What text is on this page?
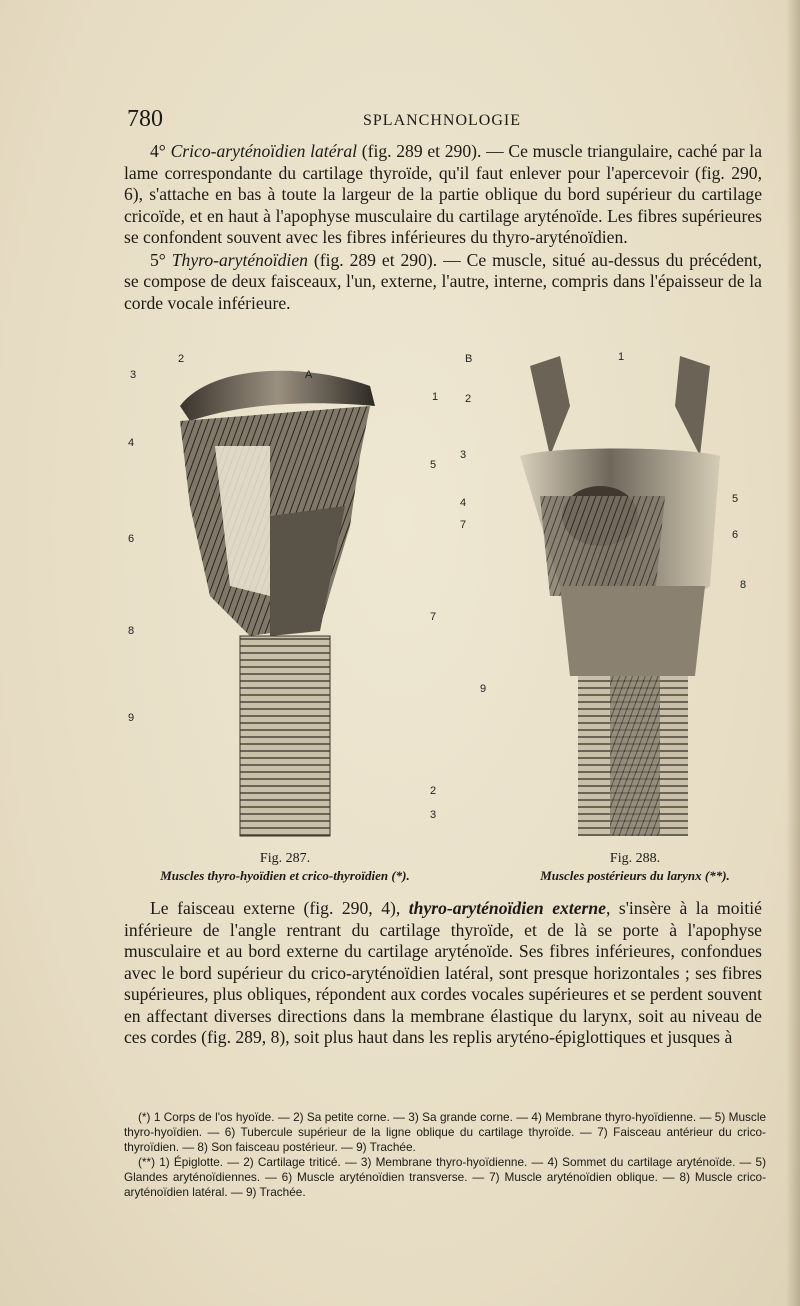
780	SPLANCHNOLOGIE

4° Crico-aryténoïdien latéral (fig. 289 et 290). — Ce muscle triangulaire, caché par la lame correspondante du cartilage thyroïde, qu'il faut enlever pour l'apercevoir (fig. 290, 6), s'attache en bas à toute la largeur de la partie oblique du bord supérieur du cartilage cricoïde, et en haut à l'apophyse musculaire du cartilage aryténoïde. Les fibres supérieures se confondent souvent avec les fibres inférieures du thyro-aryténoïdien.

5° Thyro-aryténoïdien (fig. 289 et 290). — Ce muscle, situé au-dessus du précédent, se compose de deux faisceaux, l'un, externe, l'autre, interne, compris dans l'épaisseur de la corde vocale inférieure.

2
A
1
3
4
5
6
7
8
9
2
3
B	1
2
3
4	5
6
7
8
9
Fig. 287.
Muscles thyro-hyoïdien et crico-thyroïdien (*).
Fig. 288.
Muscles postérieurs du larynx (**).

Le faisceau externe (fig. 290, 4), thyro-aryténoïdien externe, s'insère à la moitié inférieure de l'angle rentrant du cartilage thyroïde, et de là se porte à l'apophyse musculaire et au bord externe du cartilage aryténoïde. Ses fibres inférieures, confondues avec le bord supérieur du crico-aryténoïdien latéral, sont presque horizontales ; ses fibres supérieures, plus obliques, répondent aux cordes vocales supérieures et se perdent souvent en affectant diverses directions dans la membrane élastique du larynx, soit au niveau de ces cordes (fig. 289, 8), soit plus haut dans les replis aryténo-épiglottiques et jusques à

(*) 1 Corps de l'os hyoïde. — 2) Sa petite corne. — 3) Sa grande corne. — 4) Membrane thyro-hyoïdienne. — 5) Muscle thyro-hyoïdien. — 6) Tubercule supérieur de la ligne oblique du cartilage thyroïde. — 7) Faisceau antérieur du crico-thyroïdien. — 8) Son faisceau postérieur. — 9) Trachée.

(**) 1) Épiglotte. — 2) Cartilage triticé. — 3) Membrane thyro-hyoïdienne. — 4) Sommet du cartilage aryténoïde. — 5) Glandes aryténoïdiennes. — 6) Muscle aryténoïdien transverse. — 7) Muscle aryténoïdien oblique. — 8) Muscle crico-aryténoïdien latéral. — 9) Trachée.
